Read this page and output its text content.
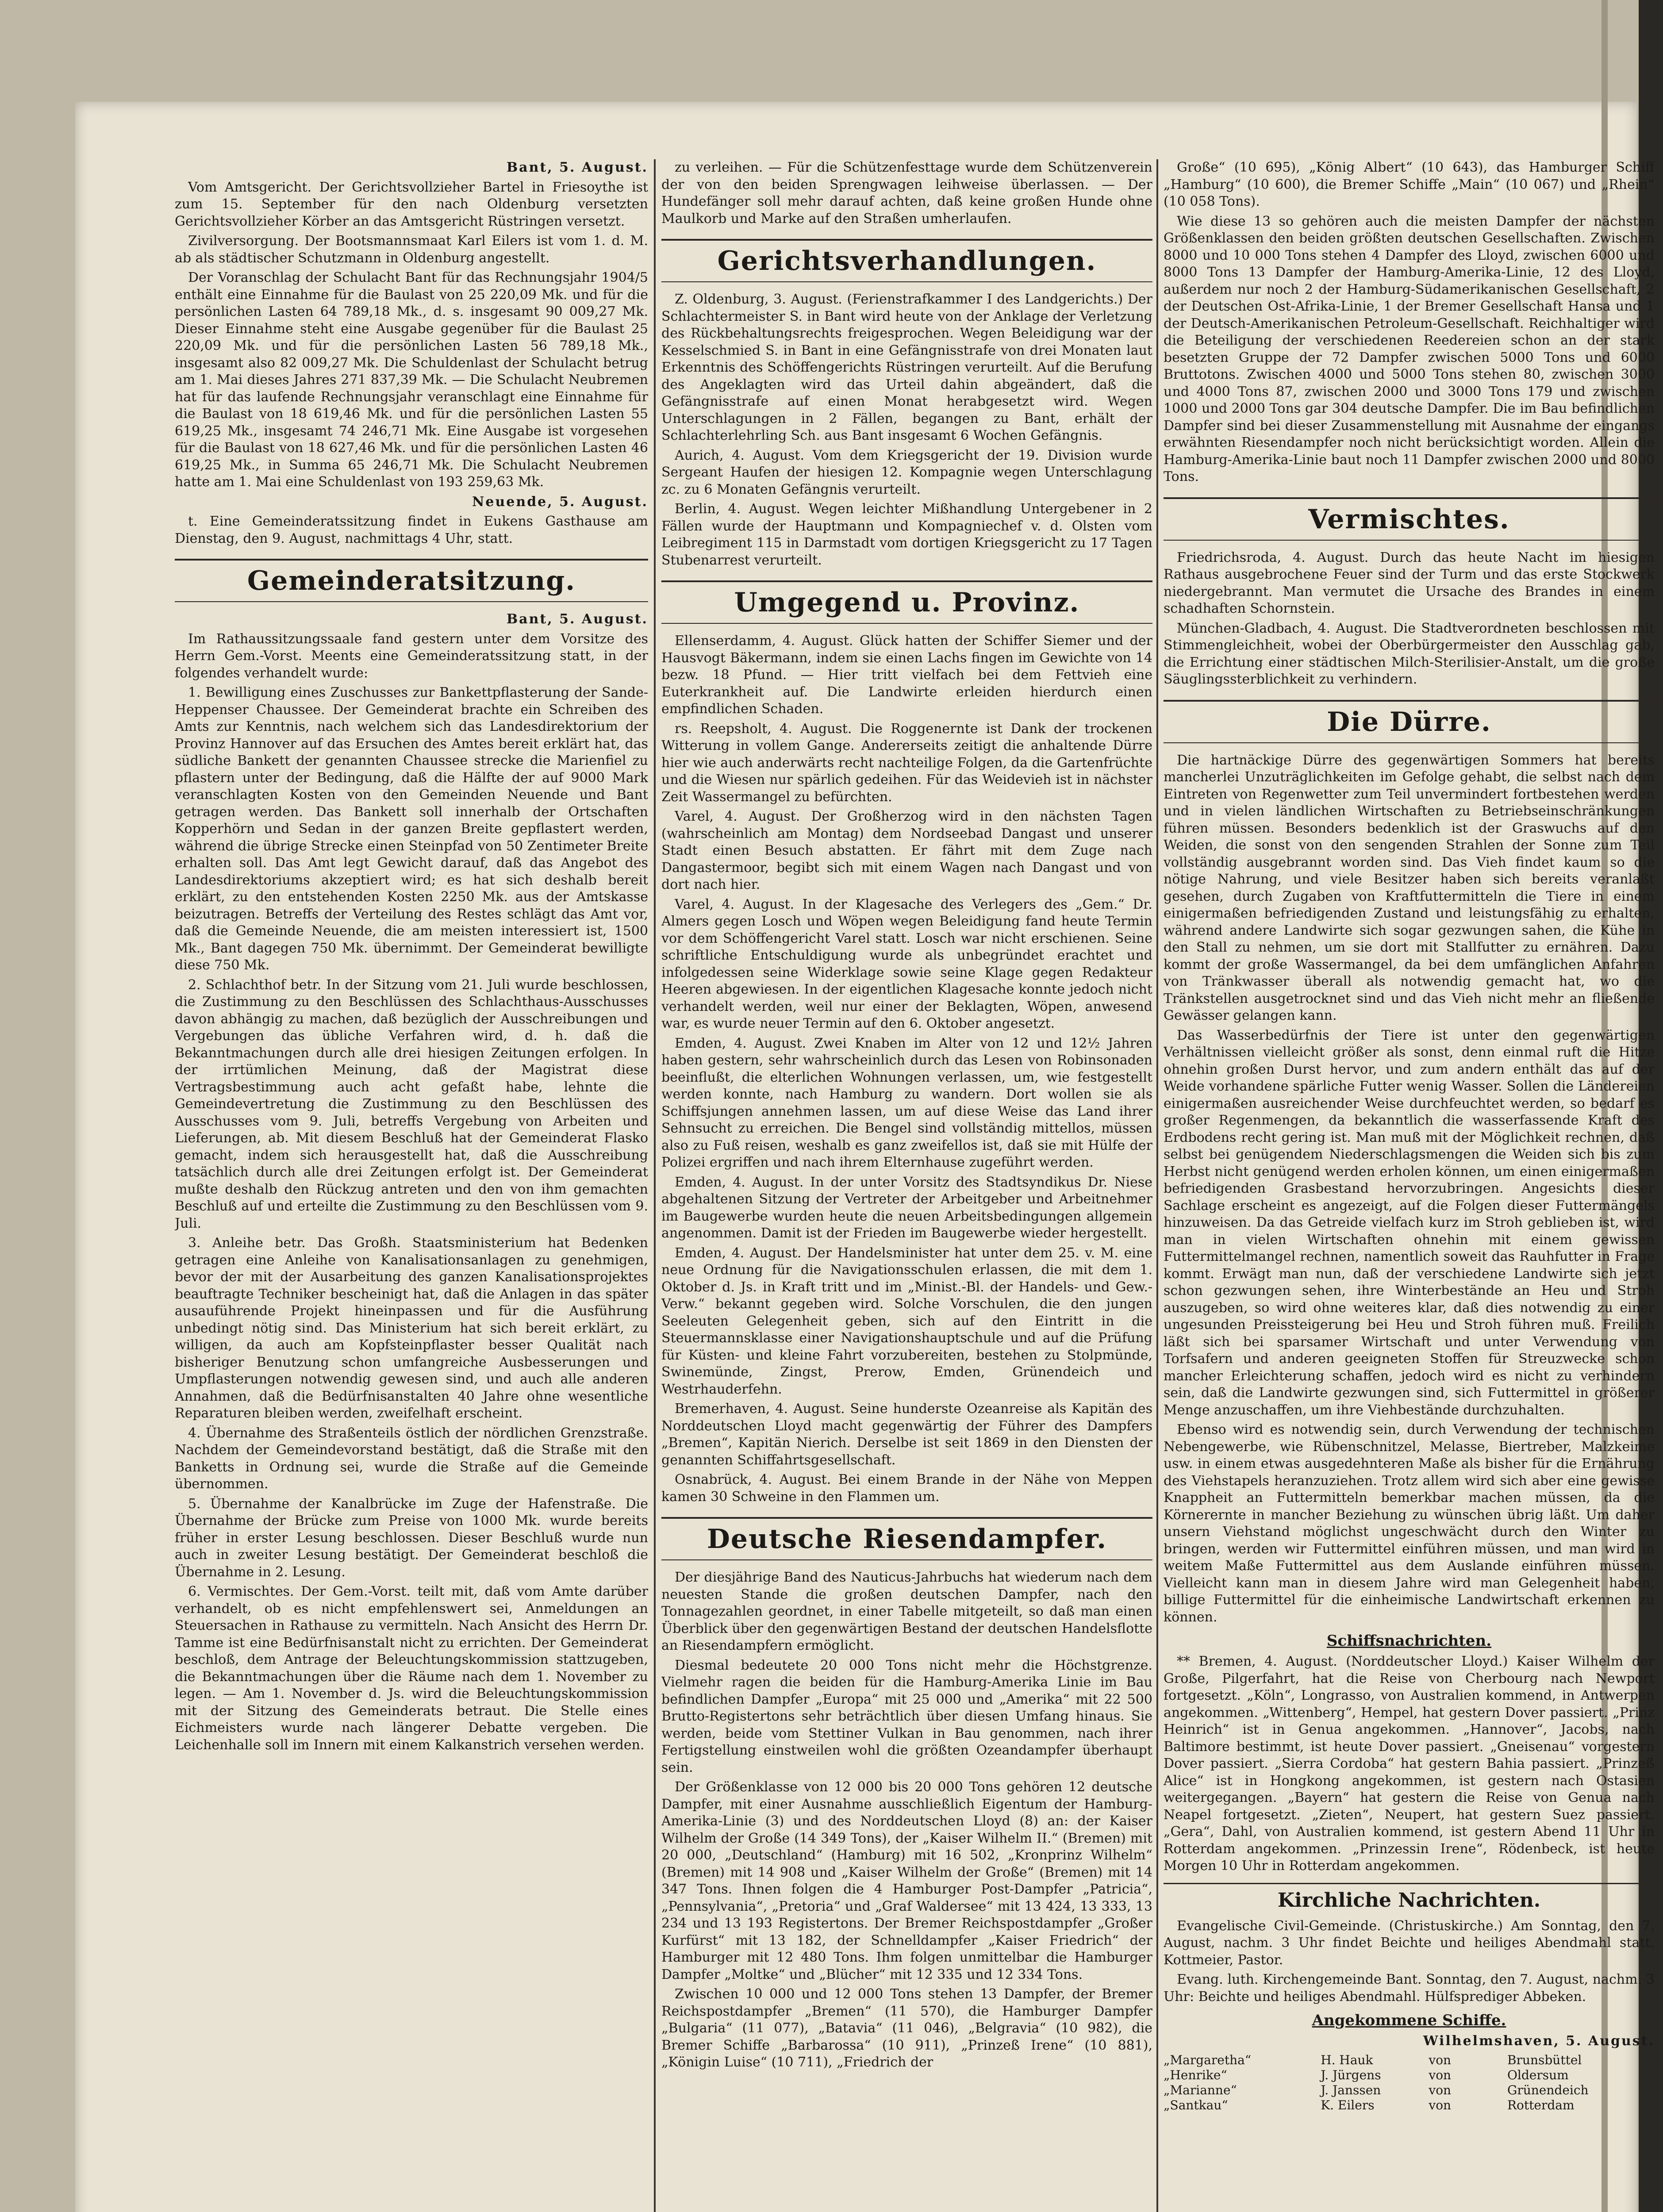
Bant, 5. August.

Vom Amtsgericht. Der Gerichtsvollzieher Bartel in Friesoythe ist zum 15. September für den nach Oldenburg versetzten Gerichtsvollzieher Körber an das Amtsgericht Rüstringen versetzt.

Zivilversorgung. Der Bootsmannsmaat Karl Eilers ist vom 1. d. M. ab als städtischer Schutzmann in Oldenburg angestellt.

Der Voranschlag der Schulacht Bant für das Rechnungsjahr 1904/5 enthält eine Einnahme für die Baulast von 25 220,09 Mk. und für die persönlichen Lasten 64 789,18 Mk., d. s. insgesamt 90 009,27 Mk. Dieser Einnahme steht eine Ausgabe gegenüber für die Baulast 25 220,09 Mk. und für die persönlichen Lasten 56 789,18 Mk., insgesamt also 82 009,27 Mk. Die Schuldenlast der Schulacht betrug am 1. Mai dieses Jahres 271 837,39 Mk. — Die Schulacht Neubremen hat für das laufende Rechnungsjahr veranschlagt eine Einnahme für die Baulast von 18 619,46 Mk. und für die persönlichen Lasten 55 619,25 Mk., insgesamt 74 246,71 Mk. Eine Ausgabe ist vorgesehen für die Baulast von 18 627,46 Mk. und für die persönlichen Lasten 46 619,25 Mk., in Summa 65 246,71 Mk. Die Schulacht Neubremen hatte am 1. Mai eine Schuldenlast von 193 259,63 Mk.

Neuende, 5. August.

t. Eine Gemeinderatssitzung findet in Eukens Gasthause am Dienstag, den 9. August, nachmittags 4 Uhr, statt.

Gemeinderatsitzung.

Bant, 5. August.

Im Rathaussitzungssaale fand gestern unter dem Vorsitze des Herrn Gem.-Vorst. Meents eine Gemeinderatssitzung statt, in der folgendes verhandelt wurde:

1. Bewilligung eines Zuschusses zur Bankettpflasterung der Sande-Heppenser Chaussee. Der Gemeinderat brachte ein Schreiben des Amts zur Kenntnis, nach welchem sich das Landesdirektorium der Provinz Hannover auf das Ersuchen des Amtes bereit erklärt hat, das südliche Bankett der genannten Chaussee strecke die Marienfiel zu pflastern unter der Bedingung, daß die Hälfte der auf 9000 Mark veranschlagten Kosten von den Gemeinden Neuende und Bant getragen werden. Das Bankett soll innerhalb der Ortschaften Kopperhörn und Sedan in der ganzen Breite gepflastert werden, während die übrige Strecke einen Steinpfad von 50 Zentimeter Breite erhalten soll. Das Amt legt Gewicht darauf, daß das Angebot des Landesdirektoriums akzeptiert wird; es hat sich deshalb bereit erklärt, zu den entstehenden Kosten 2250 Mk. aus der Amtskasse beizutragen. Betreffs der Verteilung des Restes schlägt das Amt vor, daß die Gemeinde Neuende, die am meisten interessiert ist, 1500 Mk., Bant dagegen 750 Mk. übernimmt. Der Gemeinderat bewilligte diese 750 Mk.

2. Schlachthof betr. In der Sitzung vom 21. Juli wurde beschlossen, die Zustimmung zu den Beschlüssen des Schlachthaus-Ausschusses davon abhängig zu machen, daß bezüglich der Ausschreibungen und Vergebungen das übliche Verfahren wird, d. h. daß die Bekanntmachungen durch alle drei hiesigen Zeitungen erfolgen. In der irrtümlichen Meinung, daß der Magistrat diese Vertragsbestimmung auch acht gefaßt habe, lehnte die Gemeindevertretung die Zustimmung zu den Beschlüssen des Ausschusses vom 9. Juli, betreffs Vergebung von Arbeiten und Lieferungen, ab. Mit diesem Beschluß hat der Gemeinderat Flasko gemacht, indem sich herausgestellt hat, daß die Ausschreibung tatsächlich durch alle drei Zeitungen erfolgt ist. Der Gemeinderat mußte deshalb den Rückzug antreten und den von ihm gemachten Beschluß auf und erteilte die Zustimmung zu den Beschlüssen vom 9. Juli.

3. Anleihe betr. Das Großh. Staatsministerium hat Bedenken getragen eine Anleihe von Kanalisationsanlagen zu genehmigen, bevor der mit der Ausarbeitung des ganzen Kanalisationsprojektes beauftragte Techniker bescheinigt hat, daß die Anlagen in das später ausauführende Projekt hineinpassen und für die Ausführung unbedingt nötig sind. Das Ministerium hat sich bereit erklärt, zu willigen, da auch am Kopfsteinpflaster besser Qualität nach bisheriger Benutzung schon umfangreiche Ausbesserungen und Umpflasterungen notwendig gewesen sind, und auch alle anderen Annahmen, daß die Bedürfnisanstalten 40 Jahre ohne wesentliche Reparaturen bleiben werden, zweifelhaft erscheint.

4. Übernahme des Straßenteils östlich der nördlichen Grenzstraße. Nachdem der Gemeindevorstand bestätigt, daß die Straße mit den Banketts in Ordnung sei, wurde die Straße auf die Gemeinde übernommen.

5. Übernahme der Kanalbrücke im Zuge der Hafenstraße. Die Übernahme der Brücke zum Preise von 1000 Mk. wurde bereits früher in erster Lesung beschlossen. Dieser Beschluß wurde nun auch in zweiter Lesung bestätigt. Der Gemeinderat beschloß die Übernahme in 2. Lesung.

6. Vermischtes. Der Gem.-Vorst. teilt mit, daß vom Amte darüber verhandelt, ob es nicht empfehlenswert sei, Anmeldungen an Steuersachen in Rathause zu vermitteln. Nach Ansicht des Herrn Dr. Tamme ist eine Bedürfnisanstalt nicht zu errichten. Der Gemeinderat beschloß, dem Antrage der Beleuchtungskommission stattzugeben, die Bekanntmachungen über die Räume nach dem 1. November zu legen. — Am 1. November d. Js. wird die Beleuchtungskommission mit der Sitzung des Gemeinderats betraut. Die Stelle eines Eichmeisters wurde nach längerer Debatte vergeben. Die Leichenhalle soll im Innern mit einem Kalkanstrich versehen werden.

zu verleihen. — Für die Schützenfesttage wurde dem Schützenverein der von den beiden Sprengwagen leihweise überlassen. — Der Hundefänger soll mehr darauf achten, daß keine großen Hunde ohne Maulkorb und Marke auf den Straßen umherlaufen.

Gerichtsverhandlungen.

Z. Oldenburg, 3. August. (Ferienstrafkammer I des Landgerichts.) Der Schlachtermeister S. in Bant wird heute von der Anklage der Verletzung des Rückbehaltungsrechts freigesprochen. Wegen Beleidigung war der Kesselschmied S. in Bant in eine Gefängnisstrafe von drei Monaten laut Erkenntnis des Schöffengerichts Rüstringen verurteilt. Auf die Berufung des Angeklagten wird das Urteil dahin abgeändert, daß die Gefängnisstrafe auf einen Monat herabgesetzt wird. Wegen Unterschlagungen in 2 Fällen, begangen zu Bant, erhält der Schlachterlehrling Sch. aus Bant insgesamt 6 Wochen Gefängnis.

Aurich, 4. August. Vom dem Kriegsgericht der 19. Division wurde Sergeant Haufen der hiesigen 12. Kompagnie wegen Unterschlagung zc. zu 6 Monaten Gefängnis verurteilt.

Berlin, 4. August. Wegen leichter Mißhandlung Untergebener in 2 Fällen wurde der Hauptmann und Kompagniechef v. d. Olsten vom Leibregiment 115 in Darmstadt vom dortigen Kriegsgericht zu 17 Tagen Stubenarrest verurteilt.

Umgegend u. Provinz.

Ellenserdamm, 4. August. Glück hatten der Schiffer Siemer und der Hausvogt Bäkermann, indem sie einen Lachs fingen im Gewichte von 14 bezw. 18 Pfund. — Hier tritt vielfach bei dem Fettvieh eine Euterkrankheit auf. Die Landwirte erleiden hierdurch einen empfindlichen Schaden.

rs. Reepsholt, 4. August. Die Roggenernte ist Dank der trockenen Witterung in vollem Gange. Andererseits zeitigt die anhaltende Dürre hier wie auch anderwärts recht nachteilige Folgen, da die Gartenfrüchte und die Wiesen nur spärlich gedeihen. Für das Weidevieh ist in nächster Zeit Wassermangel zu befürchten.

Varel, 4. August. Der Großherzog wird in den nächsten Tagen (wahrscheinlich am Montag) dem Nordseebad Dangast und unserer Stadt einen Besuch abstatten. Er fährt mit dem Zuge nach Dangastermoor, begibt sich mit einem Wagen nach Dangast und von dort nach hier.

Varel, 4. August. In der Klagesache des Verlegers des „Gem.“ Dr. Almers gegen Losch und Wöpen wegen Beleidigung fand heute Termin vor dem Schöffengericht Varel statt. Losch war nicht erschienen. Seine schriftliche Entschuldigung wurde als unbegründet erachtet und infolgedessen seine Widerklage sowie seine Klage gegen Redakteur Heeren abgewiesen. In der eigentlichen Klagesache konnte jedoch nicht verhandelt werden, weil nur einer der Beklagten, Wöpen, anwesend war, es wurde neuer Termin auf den 6. Oktober angesetzt.

Emden, 4. August. Zwei Knaben im Alter von 12 und 12½ Jahren haben gestern, sehr wahrscheinlich durch das Lesen von Robinsonaden beeinflußt, die elterlichen Wohnungen verlassen, um, wie festgestellt werden konnte, nach Hamburg zu wandern. Dort wollen sie als Schiffsjungen annehmen lassen, um auf diese Weise das Land ihrer Sehnsucht zu erreichen. Die Bengel sind vollständig mittellos, müssen also zu Fuß reisen, weshalb es ganz zweifellos ist, daß sie mit Hülfe der Polizei ergriffen und nach ihrem Elternhause zugeführt werden.

Emden, 4. August. In der unter Vorsitz des Stadtsyndikus Dr. Niese abgehaltenen Sitzung der Vertreter der Arbeitgeber und Arbeitnehmer im Baugewerbe wurden heute die neuen Arbeitsbedingungen allgemein angenommen. Damit ist der Frieden im Baugewerbe wieder hergestellt.

Emden, 4. August. Der Handelsminister hat unter dem 25. v. M. eine neue Ordnung für die Navigationsschulen erlassen, die mit dem 1. Oktober d. Js. in Kraft tritt und im „Minist.-Bl. der Handels- und Gew.-Verw.“ bekannt gegeben wird. Solche Vorschulen, die den jungen Seeleuten Gelegenheit geben, sich auf den Eintritt in die Steuermannsklasse einer Navigationshauptschule und auf die Prüfung für Küsten- und kleine Fahrt vorzubereiten, bestehen zu Stolpmünde, Swinemünde, Zingst, Prerow, Emden, Grünendeich und Westrhauderfehn.

Bremerhaven, 4. August. Seine hunderste Ozeanreise als Kapitän des Norddeutschen Lloyd macht gegenwärtig der Führer des Dampfers „Bremen“, Kapitän Nierich. Derselbe ist seit 1869 in den Diensten der genannten Schiffahrtsgesellschaft.

Osnabrück, 4. August. Bei einem Brande in der Nähe von Meppen kamen 30 Schweine in den Flammen um.

Deutsche Riesendampfer.

Der diesjährige Band des Nauticus-Jahrbuchs hat wiederum nach dem neuesten Stande die großen deutschen Dampfer, nach den Tonnagezahlen geordnet, in einer Tabelle mitgeteilt, so daß man einen Überblick über den gegenwärtigen Bestand der deutschen Handelsflotte an Riesendampfern ermöglicht.

Diesmal bedeutete 20 000 Tons nicht mehr die Höchstgrenze. Vielmehr ragen die beiden für die Hamburg-Amerika Linie im Bau befindlichen Dampfer „Europa“ mit 25 000 und „Amerika“ mit 22 500 Brutto-Registertons sehr beträchtlich über diesen Umfang hinaus. Sie werden, beide vom Stettiner Vulkan in Bau genommen, nach ihrer Fertigstellung einstweilen wohl die größten Ozeandampfer überhaupt sein.

Der Größenklasse von 12 000 bis 20 000 Tons gehören 12 deutsche Dampfer, mit einer Ausnahme ausschließlich Eigentum der Hamburg-Amerika-Linie (3) und des Norddeutschen Lloyd (8) an: der Kaiser Wilhelm der Große (14 349 Tons), der „Kaiser Wilhelm II.“ (Bremen) mit 20 000, „Deutschland“ (Hamburg) mit 16 502, „Kronprinz Wilhelm“ (Bremen) mit 14 908 und „Kaiser Wilhelm der Große“ (Bremen) mit 14 347 Tons. Ihnen folgen die 4 Hamburger Post-Dampfer „Patricia“, „Pennsylvania“, „Pretoria“ und „Graf Waldersee“ mit 13 424, 13 333, 13 234 und 13 193 Registertons. Der Bremer Reichspostdampfer „Großer Kurfürst“ mit 13 182, der Schnelldampfer „Kaiser Friedrich“ der Hamburger mit 12 480 Tons. Ihm folgen unmittelbar die Hamburger Dampfer „Moltke“ und „Blücher“ mit 12 335 und 12 334 Tons.

Zwischen 10 000 und 12 000 Tons stehen 13 Dampfer, der Bremer Reichspostdampfer „Bremen“ (11 570), die Hamburger Dampfer „Bulgaria“ (11 077), „Batavia“ (11 046), „Belgravia“ (10 982), die Bremer Schiffe „Barbarossa“ (10 911), „Prinzeß Irene“ (10 881), „Königin Luise“ (10 711), „Friedrich der

Große“ (10 695), „König Albert“ (10 643), das Hamburger Schiff „Hamburg“ (10 600), die Bremer Schiffe „Main“ (10 067) und „Rhein“ (10 058 Tons).

Wie diese 13 so gehören auch die meisten Dampfer der nächsten Größenklassen den beiden größten deutschen Gesellschaften. Zwischen 8000 und 10 000 Tons stehen 4 Dampfer des Lloyd, zwischen 6000 und 8000 Tons 13 Dampfer der Hamburg-Amerika-Linie, 12 des Lloyd, außerdem nur noch 2 der Hamburg-Südamerikanischen Gesellschaft, 2 der Deutschen Ost-Afrika-Linie, 1 der Bremer Gesellschaft Hansa und 1 der Deutsch-Amerikanischen Petroleum-Gesellschaft. Reichhaltiger wird die Beteiligung der verschiedenen Reedereien schon an der stark besetzten Gruppe der 72 Dampfer zwischen 5000 Tons und 6000 Bruttotons. Zwischen 4000 und 5000 Tons stehen 80, zwischen 3000 und 4000 Tons 87, zwischen 2000 und 3000 Tons 179 und zwischen 1000 und 2000 Tons gar 304 deutsche Dampfer. Die im Bau befindlichen Dampfer sind bei dieser Zusammenstellung mit Ausnahme der eingangs erwähnten Riesendampfer noch nicht berücksichtigt worden. Allein die Hamburg-Amerika-Linie baut noch 11 Dampfer zwischen 2000 und 8000 Tons.

Vermischtes.

Friedrichsroda, 4. August. Durch das heute Nacht im hiesigen Rathaus ausgebrochene Feuer sind der Turm und das erste Stockwerk niedergebrannt. Man vermutet die Ursache des Brandes in einem schadhaften Schornstein.

München-Gladbach, 4. August. Die Stadtverordneten beschlossen mit Stimmengleichheit, wobei der Oberbürgermeister den Ausschlag gab, die Errichtung einer städtischen Milch-Sterilisier-Anstalt, um die große Säuglingssterblichkeit zu verhindern.

Die Dürre.

Die hartnäckige Dürre des gegenwärtigen Sommers hat bereits mancherlei Unzuträglichkeiten im Gefolge gehabt, die selbst nach dem Eintreten von Regenwetter zum Teil unvermindert fortbestehen werden und in vielen ländlichen Wirtschaften zu Betriebseinschränkungen führen müssen. Besonders bedenklich ist der Graswuchs auf den Weiden, die sonst von den sengenden Strahlen der Sonne zum Teil vollständig ausgebrannt worden sind. Das Vieh findet kaum so die nötige Nahrung, und viele Besitzer haben sich bereits veranlaßt gesehen, durch Zugaben von Kraftfuttermitteln die Tiere in einem einigermaßen befriedigenden Zustand und leistungsfähig zu erhalten, während andere Landwirte sich sogar gezwungen sahen, die Kühe in den Stall zu nehmen, um sie dort mit Stallfutter zu ernähren. Dazu kommt der große Wassermangel, da bei dem umfänglichen Anfahren von Tränkwasser überall als notwendig gemacht hat, wo die Tränkstellen ausgetrocknet sind und das Vieh nicht mehr an fließende Gewässer gelangen kann.

Das Wasserbedürfnis der Tiere ist unter den gegenwärtigen Verhältnissen vielleicht größer als sonst, denn einmal ruft die Hitze ohnehin großen Durst hervor, und zum andern enthält das auf der Weide vorhandene spärliche Futter wenig Wasser. Sollen die Ländereien einigermaßen ausreichender Weise durchfeuchtet werden, so bedarf es großer Regenmengen, da bekanntlich die wasserfassende Kraft des Erdbodens recht gering ist. Man muß mit der Möglichkeit rechnen, daß selbst bei genügendem Niederschlagsmengen die Weiden sich bis zum Herbst nicht genügend werden erholen können, um einen einigermaßen befriedigenden Grasbestand hervorzubringen. Angesichts dieser Sachlage erscheint es angezeigt, auf die Folgen dieser Futtermängels hinzuweisen. Da das Getreide vielfach kurz im Stroh geblieben ist, wird man in vielen Wirtschaften ohnehin mit einem gewissen Futtermittelmangel rechnen, namentlich soweit das Rauhfutter in Frage kommt. Erwägt man nun, daß der verschiedene Landwirte sich jetzt schon gezwungen sehen, ihre Winterbestände an Heu und Stroh auszugeben, so wird ohne weiteres klar, daß dies notwendig zu einer ungesunden Preissteigerung bei Heu und Stroh führen muß. Freilich läßt sich bei sparsamer Wirtschaft und unter Verwendung von Torfsafern und anderen geeigneten Stoffen für Streuzwecke schon mancher Erleichterung schaffen, jedoch wird es nicht zu verhindern sein, daß die Landwirte gezwungen sind, sich Futtermittel in größerer Menge anzuschaffen, um ihre Viehbestände durchzuhalten.

Ebenso wird es notwendig sein, durch Verwendung der technischen Nebengewerbe, wie Rübenschnitzel, Melasse, Biertreber, Malzkeime usw. in einem etwas ausgedehnteren Maße als bisher für die Ernährung des Viehstapels heranzuziehen. Trotz allem wird sich aber eine gewisse Knappheit an Futtermitteln bemerkbar machen müssen, da die Körnerernte in mancher Beziehung zu wünschen übrig läßt. Um daher unsern Viehstand möglichst ungeschwächt durch den Winter zu bringen, werden wir Futtermittel einführen müssen, und man wird in weitem Maße Futtermittel aus dem Auslande einführen müssen. Vielleicht kann man in diesem Jahre wird man Gelegenheit haben, billige Futtermittel für die einheimische Landwirtschaft erkennen zu können.

Schiffsnachrichten.

** Bremen, 4. August. (Norddeutscher Lloyd.) Kaiser Wilhelm der Große, Pilgerfahrt, hat die Reise von Cherbourg nach Newport fortgesetzt. „Köln“, Longrasso, von Australien kommend, in Antwerpen angekommen. „Wittenberg“, Hempel, hat gestern Dover passiert. „Prinz Heinrich“ ist in Genua angekommen. „Hannover“, Jacobs, nach Baltimore bestimmt, ist heute Dover passiert. „Gneisenau“ vorgestern Dover passiert. „Sierra Cordoba“ hat gestern Bahia passiert. „Prinzeß Alice“ ist in Hongkong angekommen, ist gestern nach Ostasien weitergegangen. „Bayern“ hat gestern die Reise von Genua nach Neapel fortgesetzt. „Zieten“, Neupert, hat gestern Suez passiert. „Gera“, Dahl, von Australien kommend, ist gestern Abend 11 Uhr in Rotterdam angekommen. „Prinzessin Irene“, Rödenbeck, ist heute Morgen 10 Uhr in Rotterdam angekommen.

Kirchliche Nachrichten.

Evangelische Civil-Gemeinde. (Christuskirche.) Am Sonntag, den 7. August, nachm. 3 Uhr findet Beichte und heiliges Abendmahl statt. Kottmeier, Pastor.

Evang. luth. Kirchengemeinde Bant. Sonntag, den 7. August, nachm. 3 Uhr: Beichte und heiliges Abendmahl. Hülfsprediger Abbeken.

Angekommene Schiffe.

Wilhelmshaven, 5. August.

„Margaretha“	H. Hauk	von	Brunsbüttel
„Henrike“	J. Jürgens	von	Oldersum
„Marianne“	J. Janssen	von	Grünendeich
„Santkau“	K. Eilers	von	Rotterdam
